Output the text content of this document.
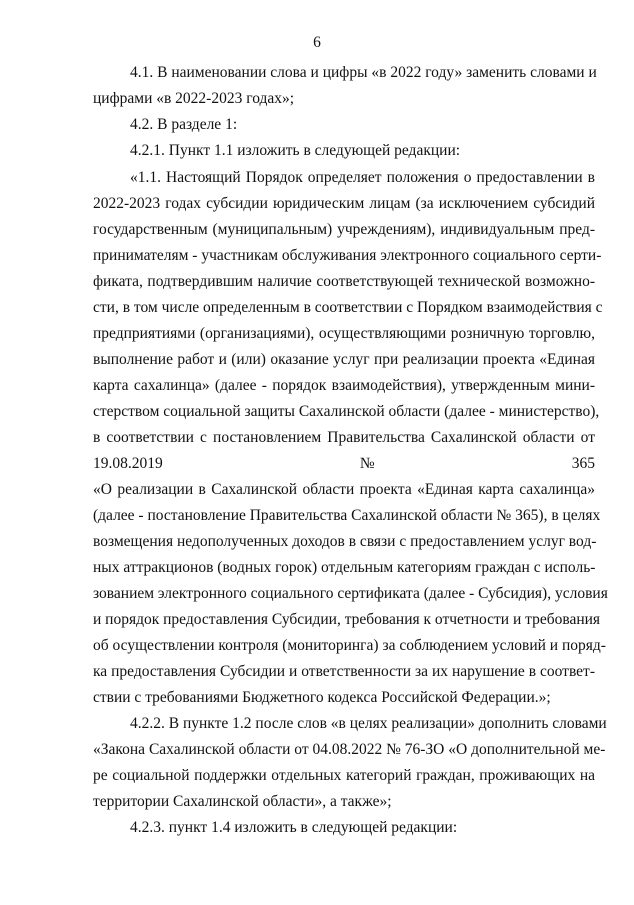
6
4.1. В наименовании слова и цифры «в 2022 году» заменить словами и
цифрами «в 2022-2023 годах»;
4.2. В разделе 1:
4.2.1. Пункт 1.1 изложить в следующей редакции:
«1.1. Настоящий Порядок определяет положения о предоставлении в
2022-2023 годах субсидии юридическим лицам (за исключением субсидий
государственным (муниципальным) учреждениям), индивидуальным пред-
принимателям - участникам обслуживания электронного социального серти-
фиката, подтвердившим наличие соответствующей технической возможно-
сти, в том числе определенным в соответствии с Порядком взаимодействия с
предприятиями (организациями), осуществляющими розничную торговлю,
выполнение работ и (или) оказание услуг при реализации проекта «Единая
карта сахалинца» (далее - порядок взаимодействия), утвержденным мини-
стерством социальной защиты Сахалинской области (далее - министерство),
в соответствии с постановлением Правительства Сахалинской области от
19.08.2019	№	365
«О реализации в Сахалинской области проекта «Единая карта сахалинца»
(далее - постановление Правительства Сахалинской области № 365), в целях
возмещения недополученных доходов в связи с предоставлением услуг вод-
ных аттракционов (водных горок) отдельным категориям граждан с исполь-
зованием электронного социального сертификата (далее - Субсидия), условия
и порядок предоставления Субсидии, требования к отчетности и требования
об осуществлении контроля (мониторинга) за соблюдением условий и поряд-
ка предоставления Субсидии и ответственности за их нарушение в соответ-
ствии с требованиями Бюджетного кодекса Российской Федерации.»;
4.2.2. В пункте 1.2 после слов «в целях реализации» дополнить словами
«Закона Сахалинской области от 04.08.2022 № 76-ЗО «О дополнительной ме-
ре социальной поддержки отдельных категорий граждан, проживающих на
территории Сахалинской области», а также»;
4.2.3. пункт 1.4 изложить в следующей редакции:
